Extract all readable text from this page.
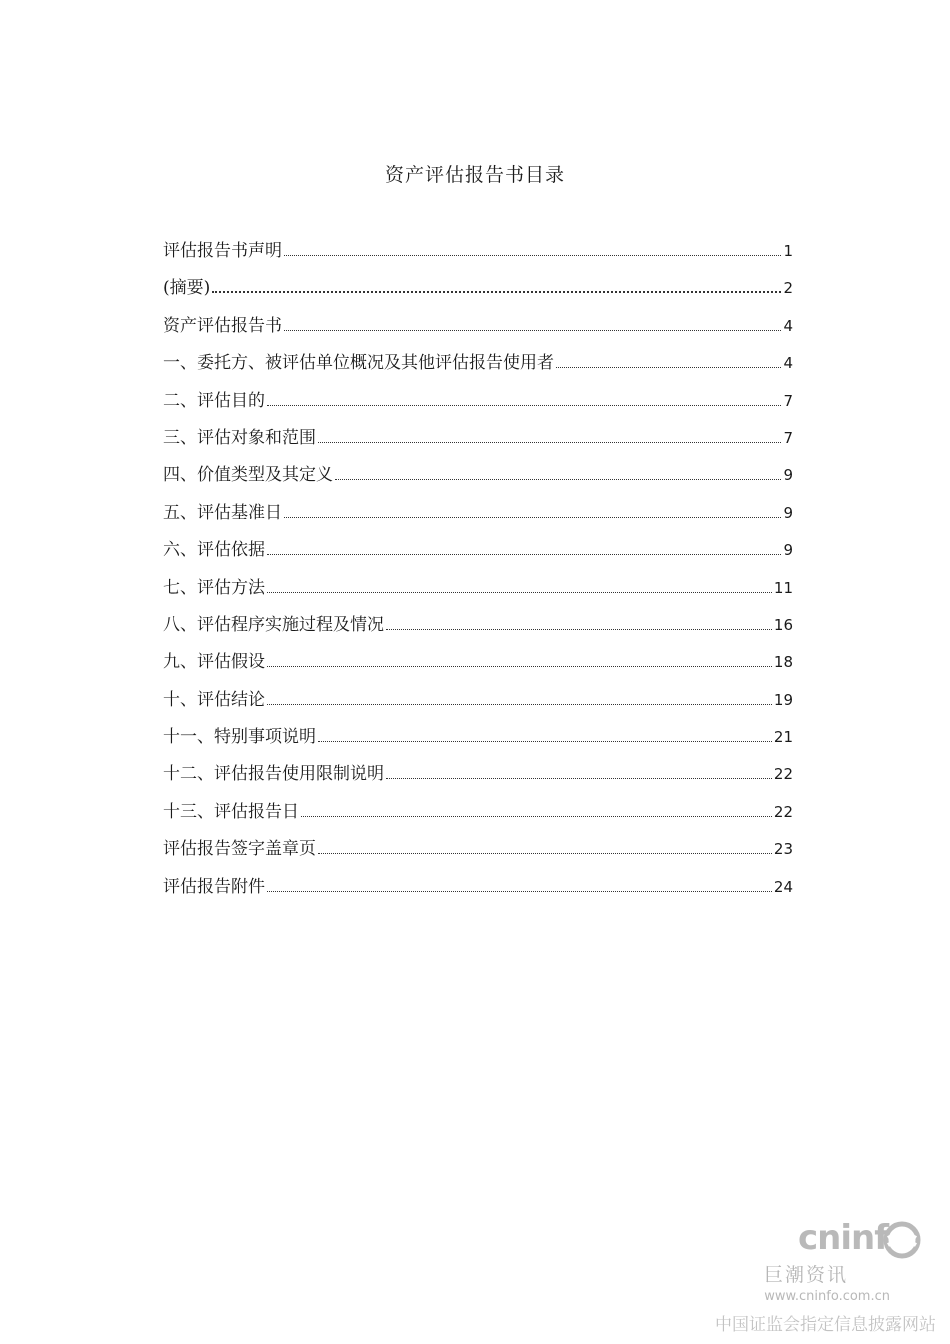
资产评估报告书目录
评估报告书声明	1
(摘要)	2
资产评估报告书	4
一、委托方、被评估单位概况及其他评估报告使用者	4
二、评估目的	7
三、评估对象和范围	7
四、价值类型及其定义	9
五、评估基准日	9
六、评估依据	9
七、评估方法	11
八、评估程序实施过程及情况	16
九、评估假设	18
十、评估结论	19
十一、特别事项说明	21
十二、评估报告使用限制说明	22
十三、评估报告日	22
评估报告签字盖章页	23
评估报告附件	24
cninf
巨潮资讯
www.cninfo.com.cn
中国证监会指定信息披露网站
